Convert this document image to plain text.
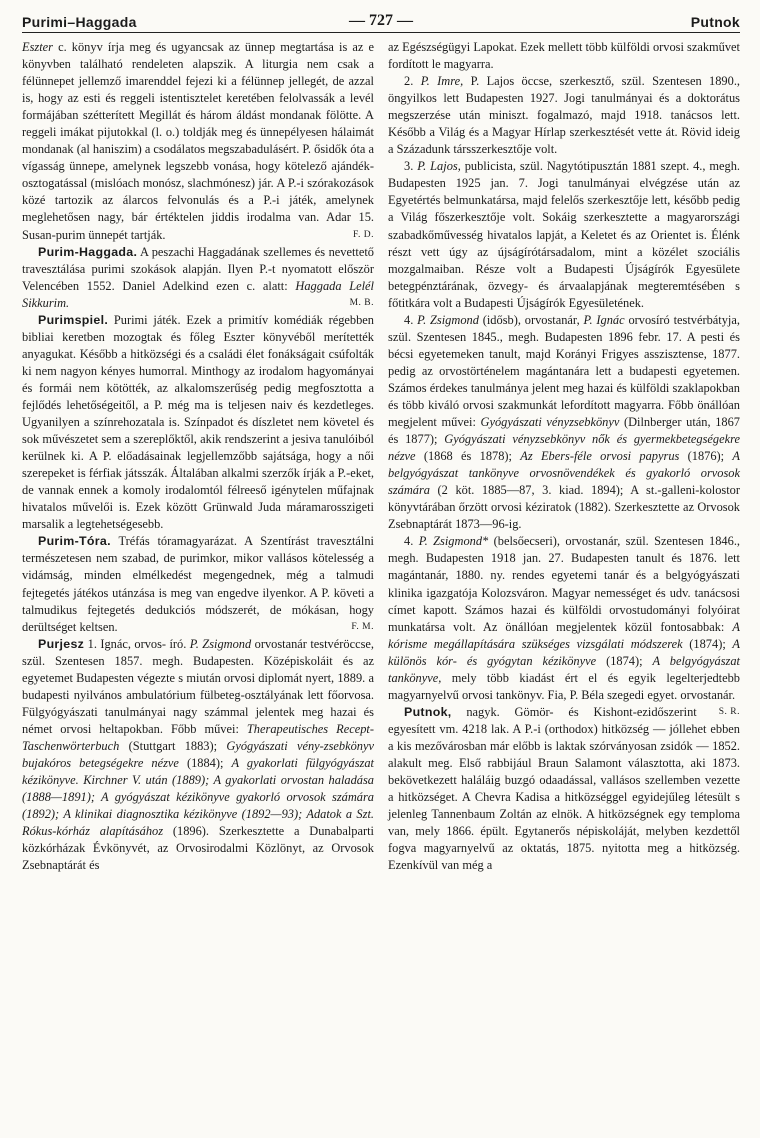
Purimi–Haggada	— 727 —	Putnok

Eszter c. könyv írja meg és ugyancsak az ünnep megtartása is az e könyvben található rendeleten alapszik. A liturgia nem csak a félünnepet jellemző imarenddel fejezi ki a félünnep jellegét, de azzal is, hogy az esti és reggeli istentisztelet keretében felolvassák a levél formájában szétterített Megillát és három áldást mondanak fölötte. A reggeli imákat pijutokkal (l. o.) toldják meg és ünnepélyesen hálaimát mondanak (al haniszim) a csodálatos megszabadulásért. P. ősidők óta a vígasság ünnepe, amelynek legszebb vonása, hogy kötelező ajándék-osztogatással (mislóach monósz, slachmónesz) jár. A P.-i szórakozások közé tartozik az álarcos felvonulás és a P.-i játék, amelynek meglehetősen nagy, bár értéktelen jiddis irodalma van. Adar 15. Susan-purim ünnepét tartják.	F. D.

Purim-Haggada. A peszachi Haggadának szellemes és nevettető travesztálása purimi szokások alapján. Ilyen P.-t nyomatott először Velencében 1552. Daniel Adelkind ezen c. alatt: Haggada Lelél Sikkurim.	M. B.

Purimspiel. Purimi játék. Ezek a primitív komédiák régebben bibliai keretben mozogtak és főleg Eszter könyvéből merítették anyagukat. Később a hitközségi és a családi élet fonákságait csúfolták ki nem nagyon kényes humorral. Minthogy az irodalom hagyományai és formái nem kötötték, az alkalomszerűség pedig megfosztotta a fejlődés lehetőségeitől, a P. még ma is teljesen naiv és kezdetleges. Ugyanilyen a színrehozatala is. Színpadot és díszletet nem követel és sok művészetet sem a szereplőktől, akik rendszerint a jesiva tanulóiból kerülnek ki. A P. előadásainak legjellemzőbb sajátsága, hogy a női szerepeket is férfiak játsszák. Általában alkalmi szerzők írják a P.-eket, de vannak ennek a komoly irodalomtól félreeső igénytelen műfajnak hivatalos művelői is. Ezek között Grünwald Juda máramarosszigeti marsalik a legtehetségesebb.

Purim-Tóra. Tréfás tóramagyarázat. A Szentírást travesztálni természetesen nem szabad, de purimkor, mikor vallásos kötelesség a vidámság, minden elmélkedést megengednek, még a talmudi fejtegetés játékos utánzása is meg van engedve ilyenkor. A P. követi a talmudikus fejtegetés dedukciós módszerét, de mókásan, hogy derültséget keltsen.	F. M.

Purjesz 1. Ignác, orvos- író. P. Zsigmond orvostanár testvéröccse, szül. Szentesen 1857. megh. Budapesten. Középiskoláit és az egyetemet Budapesten végezte s miután orvosi diplomát nyert, 1889. a budapesti nyilvános ambulatórium fülbeteg-osztályának lett főorvosa. Fülgyógyászati tanulmányai nagy számmal jelentek meg hazai és német orvosi heltapokban. Főbb művei: Therapeutisches Recept-Taschenwörterbuch (Stuttgart 1883); Gyógyászati vény-zsebkönyv bujakóros betegségekre nézve (1884); A gyakorlati fülgyógyászat kézikönyve. Kirchner V. után (1889); A gyakorlati orvostan haladása (1888—1891); A gyógyászat kézikönyve gyakorló orvosok számára (1892); A klinikai diagnosztika kézikönyve (1892—93); Adatok a Szt. Rókus-kórház alapításához (1896). Szerkesztette a Dunabalparti közkórházak Évkönyvét, az Orvosirodalmi Közlönyt, az Orvosok Zsebnaptárát és

az Egészségügyi Lapokat. Ezek mellett több külföldi orvosi szakművet fordított le magyarra.

2. P. Imre, P. Lajos öccse, szerkesztő, szül. Szentesen 1890., öngyilkos lett Budapesten 1927. Jogi tanulmányai és a doktorátus megszerzése után miniszt. fogalmazó, majd 1918. tanácsos lett. Később a Világ és a Magyar Hírlap szerkesztését vette át. Rövid ideig a Századunk társszerkesztője volt.

3. P. Lajos, publicista, szül. Nagytótipusztán 1881 szept. 4., megh. Budapesten 1925 jan. 7. Jogi tanulmányai elvégzése után az Egyetértés belmunkatársa, majd felelős szerkesztője lett, később pedig a Világ főszerkesztője volt. Sokáig szerkesztette a magyarországi szabadkőművesség hivatalos lapját, a Keletet és az Orientet is. Élénk részt vett úgy az újságírótársadalom, mint a közélet szociális mozgalmaiban. Része volt a Budapesti Újságírók Egyesülete betegpénztárának, özvegy- és árvaalapjának megteremtésében s főtitkára volt a Budapesti Újságírók Egyesületének.

4. P. Zsigmond (idősb), orvostanár, P. Ignác orvosíró testvérbátyja, szül. Szentesen 1845., megh. Budapesten 1896 febr. 17. A pesti és bécsi egyetemeken tanult, majd Korányi Frigyes asszisztense, 1877. pedig az orvostörténelem magántanára lett a budapesti egyetemen. Számos érdekes tanulmánya jelent meg hazai és külföldi szaklapokban és több kiváló orvosi szakmunkát lefordított magyarra. Főbb önállóan megjelent művei: Gyógyászati vényzsebkönyv (Dilnberger után, 1867 és 1877); Gyógyászati vényzsebkönyv nők és gyermekbetegségekre nézve (1868 és 1878); Az Ebers-féle orvosi papyrus (1876); A belgyógyászat tankönyve orvosnövendékek és gyakorló orvosok számára (2 köt. 1885—87, 3. kiad. 1894); A st.-galleni-kolostor könyvtárában őrzött orvosi kéziratok (1882). Szerkesztette az Orvosok Zsebnaptárát 1873—96-ig.

4. P. Zsigmond* (belsőecseri), orvostanár, szül. Szentesen 1846., megh. Budapesten 1918 jan. 27. Budapesten tanult és 1876. lett magántanár, 1880. ny. rendes egyetemi tanár és a belgyógyászati klinika igazgatója Kolozsváron. Magyar nemességet és udv. tanácsosi címet kapott. Számos hazai és külföldi orvostudományi folyóirat munkatársa volt. Az önállóan megjelentek közül fontosabbak: A kórisme megállapítására szükséges vizsgálati módszerek (1874); A különös kór- és gyógytan kézikönyve (1874); A belgyógyászat tankönyve, mely több kiadást ért el és egyik legelterjedtebb magyarnyelvű orvosi tankönyv. Fia, P. Béla szegedi egyet. orvostanár.
S. R.

Putnok, nagyk. Gömör- és Kishont-ezidőszerint egyesített vm. 4218 lak. A P.-i (orthodox) hitközség — jóllehet ebben a kis mezővárosban már előbb is laktak szórványosan zsidók — 1852. alakult meg. Első rabbijául Braun Salamont választotta, aki 1873. bekövetkezett haláláig buzgó odaadással, vallásos szellemben vezette a hitközséget. A Chevra Kadisa a hitközséggel egyidejűleg létesült s jelenleg Tannenbaum Zoltán az elnök. A hitközségnek egy temploma van, mely 1866. épült. Egytanerős népiskoláját, melyben kezdettől fogva magyarnyelvű az oktatás, 1875. nyitotta meg a hitközség. Ezenkívül van még a
